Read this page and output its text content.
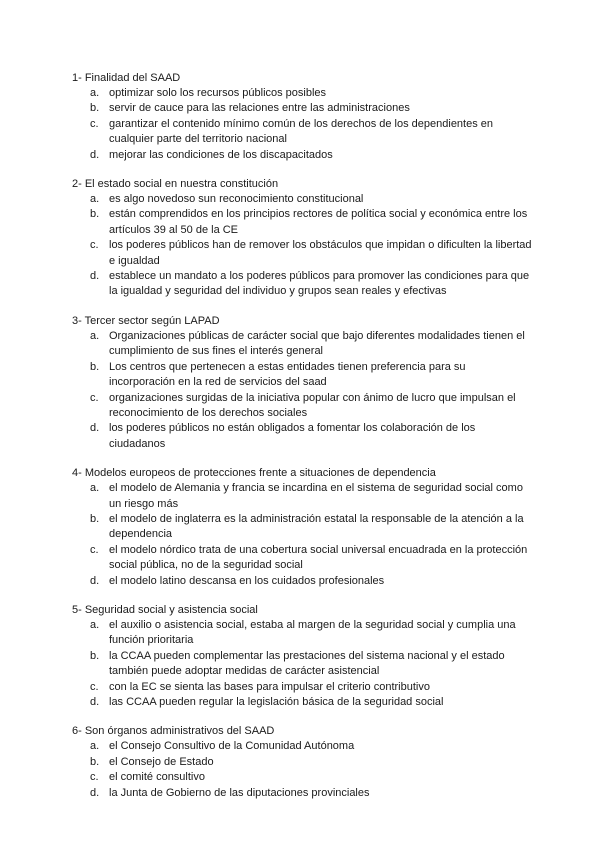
1- Finalidad del SAAD

a. optimizar solo los recursos públicos posibles
b. servir de cauce para las relaciones entre las administraciones
c. garantizar el contenido mínimo común de los derechos de los dependientes en cualquier parte del territorio nacional
d. mejorar las condiciones de los discapacitados

2- El estado social en nuestra constitución

a. es algo novedoso sun reconocimiento constitucional
b. están comprendidos en los principios rectores de política social y económica entre los artículos 39 al 50 de la CE
c. los poderes públicos han de remover los obstáculos que impidan o dificulten la libertad e igualdad
d. establece un mandato a los poderes públicos para promover las condiciones para que la igualdad y seguridad del individuo y grupos sean reales y efectivas

3- Tercer sector según LAPAD

a. Organizaciones públicas de carácter social que bajo diferentes modalidades tienen el cumplimiento de sus fines el interés general
b. Los centros que pertenecen a estas entidades tienen preferencia para su incorporación en la red de servicios del saad
c. organizaciones surgidas de la iniciativa popular con ánimo de lucro que impulsan el reconocimiento de los derechos sociales
d. los poderes públicos no están obligados a fomentar los colaboración de los ciudadanos

4- Modelos europeos de protecciones frente a situaciones de dependencia

a. el modelo de Alemania y francia se incardina en el sistema de seguridad social como un riesgo más
b. el modelo de inglaterra es la administración estatal la responsable de la atención a la dependencia
c. el modelo nórdico trata de una cobertura social universal encuadrada en la protección social pública, no de la seguridad social
d. el modelo latino descansa en los cuidados profesionales

5- Seguridad social y asistencia social

a. el auxilio o asistencia social, estaba al margen de la seguridad social y cumplia una función prioritaria
b. la CCAA pueden complementar las prestaciones del sistema nacional y el estado también puede adoptar medidas de carácter asistencial
c. con la EC se sienta las bases para impulsar el criterio contributivo
d. las CCAA pueden regular la legislación básica de la seguridad social

6- Son órganos administrativos del SAAD

a. el Consejo Consultivo de la Comunidad Autónoma
b. el Consejo de Estado
c. el comité consultivo
d. la Junta de Gobierno de las diputaciones provinciales
